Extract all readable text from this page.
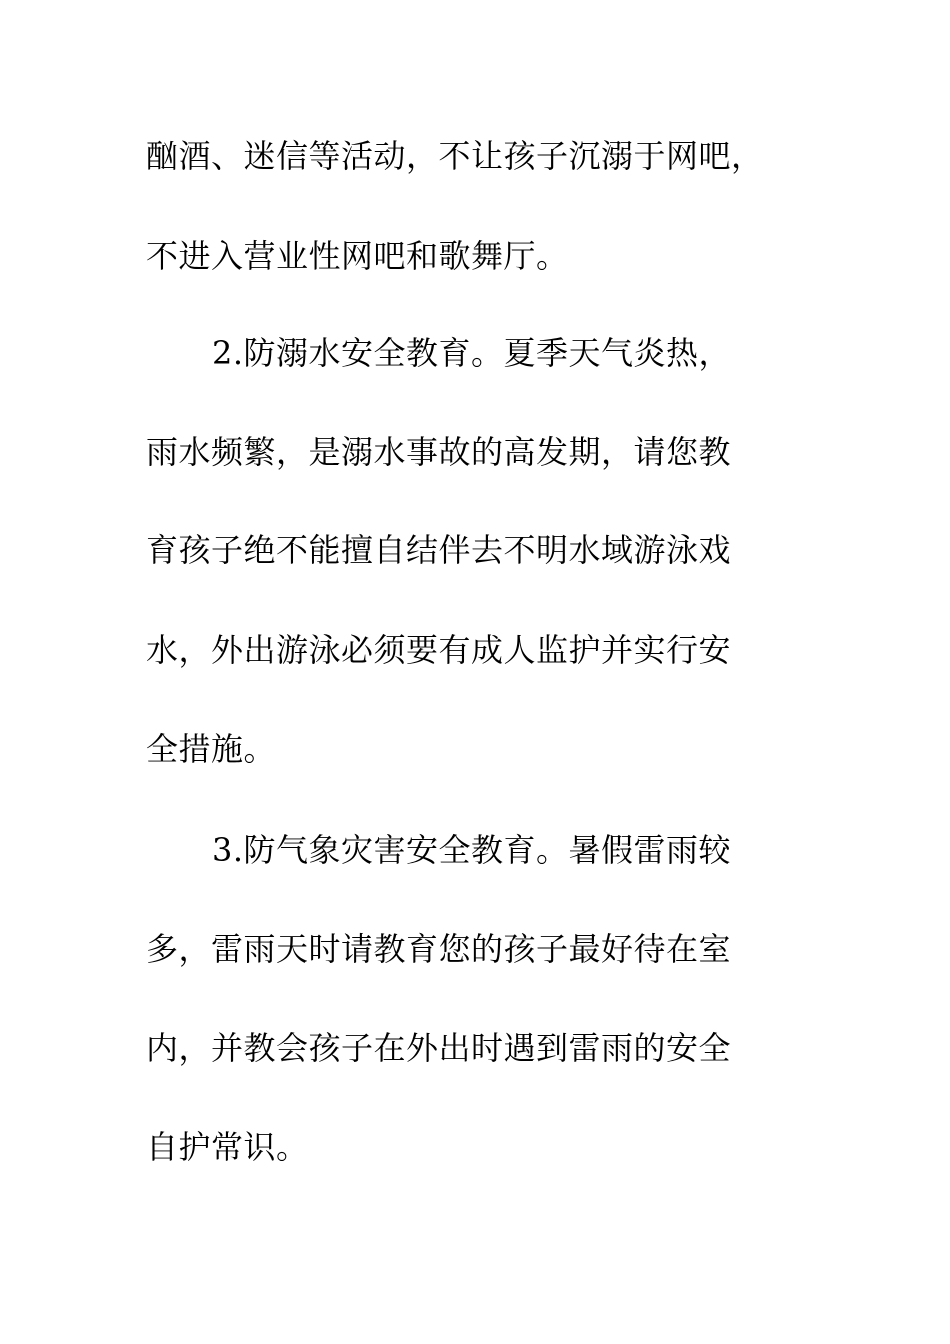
酗酒、迷信等活动，不让孩子沉溺于网吧，
不进入营业性网吧和歌舞厅。
2.防溺水安全教育。夏季天气炎热，
雨水频繁，是溺水事故的高发期，请您教
育孩子绝不能擅自结伴去不明水域游泳戏
水，外出游泳必须要有成人监护并实行安
全措施。
3.防气象灾害安全教育。暑假雷雨较
多，雷雨天时请教育您的孩子最好待在室
内，并教会孩子在外出时遇到雷雨的安全
自护常识。
